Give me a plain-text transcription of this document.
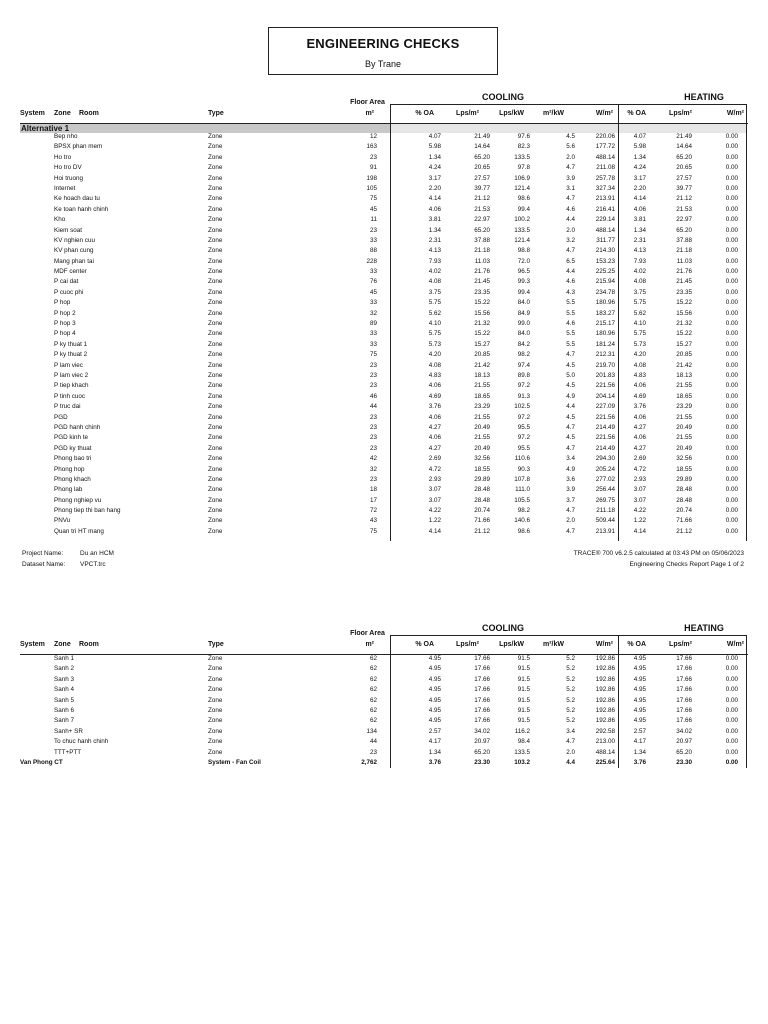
ENGINEERING CHECKS
By Trane
COOLING	HEATING
Floor Area
System Zone Room	Type	m²	% OA	Lps/m²	Lps/kW	m²/kW	W/m²	% OA	Lps/m²	W/m²
Alternative 1
Bep nho	Zone	12	4.07	21.49	97.6	4.5	220.06	4.07	21.49	0.00
BPSX phan mem	Zone	163	5.98	14.64	82.3	5.6	177.72	5.98	14.64	0.00
Ho tro	Zone	23	1.34	65.20	133.5	2.0	488.14	1.34	65.20	0.00
Ho tro DV	Zone	91	4.24	20.65	97.8	4.7	211.08	4.24	20.65	0.00
Hoi truong	Zone	198	3.17	27.57	106.9	3.9	257.78	3.17	27.57	0.00
Internet	Zone	105	2.20	39.77	121.4	3.1	327.34	2.20	39.77	0.00
Ke hoach dau tu	Zone	75	4.14	21.12	98.6	4.7	213.91	4.14	21.12	0.00
Ke toan hanh chinh	Zone	45	4.06	21.53	99.4	4.6	216.41	4.06	21.53	0.00
Kho	Zone	11	3.81	22.97	100.2	4.4	229.14	3.81	22.97	0.00
Kiem soat	Zone	23	1.34	65.20	133.5	2.0	488.14	1.34	65.20	0.00
KV nghien cuu	Zone	33	2.31	37.88	121.4	3.2	311.77	2.31	37.88	0.00
KV phan cung	Zone	88	4.13	21.18	98.8	4.7	214.30	4.13	21.18	0.00
Mang phan tai	Zone	228	7.93	11.03	72.0	6.5	153.23	7.93	11.03	0.00
MDF center	Zone	33	4.02	21.76	96.5	4.4	225.25	4.02	21.76	0.00
P cai dat	Zone	76	4.08	21.45	99.3	4.6	215.94	4.08	21.45	0.00
P cuoc phi	Zone	45	3.75	23.35	99.4	4.3	234.78	3.75	23.35	0.00
P hop	Zone	33	5.75	15.22	84.0	5.5	180.96	5.75	15.22	0.00
P hop 2	Zone	32	5.62	15.56	84.9	5.5	183.27	5.62	15.56	0.00
P hop 3	Zone	89	4.10	21.32	99.0	4.6	215.17	4.10	21.32	0.00
P hop 4	Zone	33	5.75	15.22	84.0	5.5	180.96	5.75	15.22	0.00
P ky thuat 1	Zone	33	5.73	15.27	84.2	5.5	181.24	5.73	15.27	0.00
P ky thuat 2	Zone	75	4.20	20.85	98.2	4.7	212.31	4.20	20.85	0.00
P lam viec	Zone	23	4.08	21.42	97.4	4.5	219.70	4.08	21.42	0.00
P lam viec 2	Zone	23	4.83	18.13	89.8	5.0	201.83	4.83	18.13	0.00
P tiep khach	Zone	23	4.06	21.55	97.2	4.5	221.56	4.06	21.55	0.00
P tinh cuoc	Zone	46	4.69	18.65	91.3	4.9	204.14	4.69	18.65	0.00
P truc dai	Zone	44	3.76	23.29	102.5	4.4	227.09	3.76	23.29	0.00
PGD	Zone	23	4.06	21.55	97.2	4.5	221.56	4.06	21.55	0.00
PGD hanh chinh	Zone	23	4.27	20.49	95.5	4.7	214.49	4.27	20.49	0.00
PGD kinh te	Zone	23	4.06	21.55	97.2	4.5	221.56	4.06	21.55	0.00
PGD ky thuat	Zone	23	4.27	20.49	95.5	4.7	214.49	4.27	20.49	0.00
Phong bao tri	Zone	42	2.69	32.56	110.6	3.4	294.30	2.69	32.56	0.00
Phong hop	Zone	32	4.72	18.55	90.3	4.9	205.24	4.72	18.55	0.00
Phong khach	Zone	23	2.93	29.89	107.8	3.6	277.02	2.93	29.89	0.00
Phong lab	Zone	18	3.07	28.48	111.0	3.9	256.44	3.07	28.48	0.00
Phong nghiep vu	Zone	17	3.07	28.48	105.5	3.7	269.75	3.07	28.48	0.00
Phong tiep thi ban hang	Zone	72	4.22	20.74	98.2	4.7	211.18	4.22	20.74	0.00
PNVu	Zone	43	1.22	71.66	140.6	2.0	509.44	1.22	71.66	0.00
Quan tri HT mang	Zone	75	4.14	21.12	98.6	4.7	213.91	4.14	21.12	0.00
Project Name:	Du an HCM
Dataset Name: VPCT.trc
TRACE® 700 v6.2.5 calculated at 03:43 PM on 05/06/2023
Engineering Checks Report Page 1 of 2
COOLING	HEATING
Floor Area
System Zone Room	Type	m²	% OA	Lps/m²	Lps/kW	m²/kW	W/m²	% OA	Lps/m²	W/m²
Sanh 1	Zone	62	4.95	17.66	91.5	5.2	192.86	4.95	17.66	0.00
Sanh 2	Zone	62	4.95	17.66	91.5	5.2	192.86	4.95	17.66	0.00
Sanh 3	Zone	62	4.95	17.66	91.5	5.2	192.86	4.95	17.66	0.00
Sanh 4	Zone	62	4.95	17.66	91.5	5.2	192.86	4.95	17.66	0.00
Sanh 5	Zone	62	4.95	17.66	91.5	5.2	192.86	4.95	17.66	0.00
Sanh 6	Zone	62	4.95	17.66	91.5	5.2	192.86	4.95	17.66	0.00
Sanh 7	Zone	62	4.95	17.66	91.5	5.2	192.86	4.95	17.66	0.00
Sanh+ SR	Zone	134	2.57	34.02	116.2	3.4	292.58	2.57	34.02	0.00
To chuc hanh chinh	Zone	44	4.17	20.97	98.4	4.7	213.00	4.17	20.97	0.00
TTT+PTT	Zone	23	1.34	65.20	133.5	2.0	488.14	1.34	65.20	0.00
Van Phong CT	System - Fan Coil	2,762	3.76	23.30	103.2	4.4	225.64	3.76	23.30	0.00
